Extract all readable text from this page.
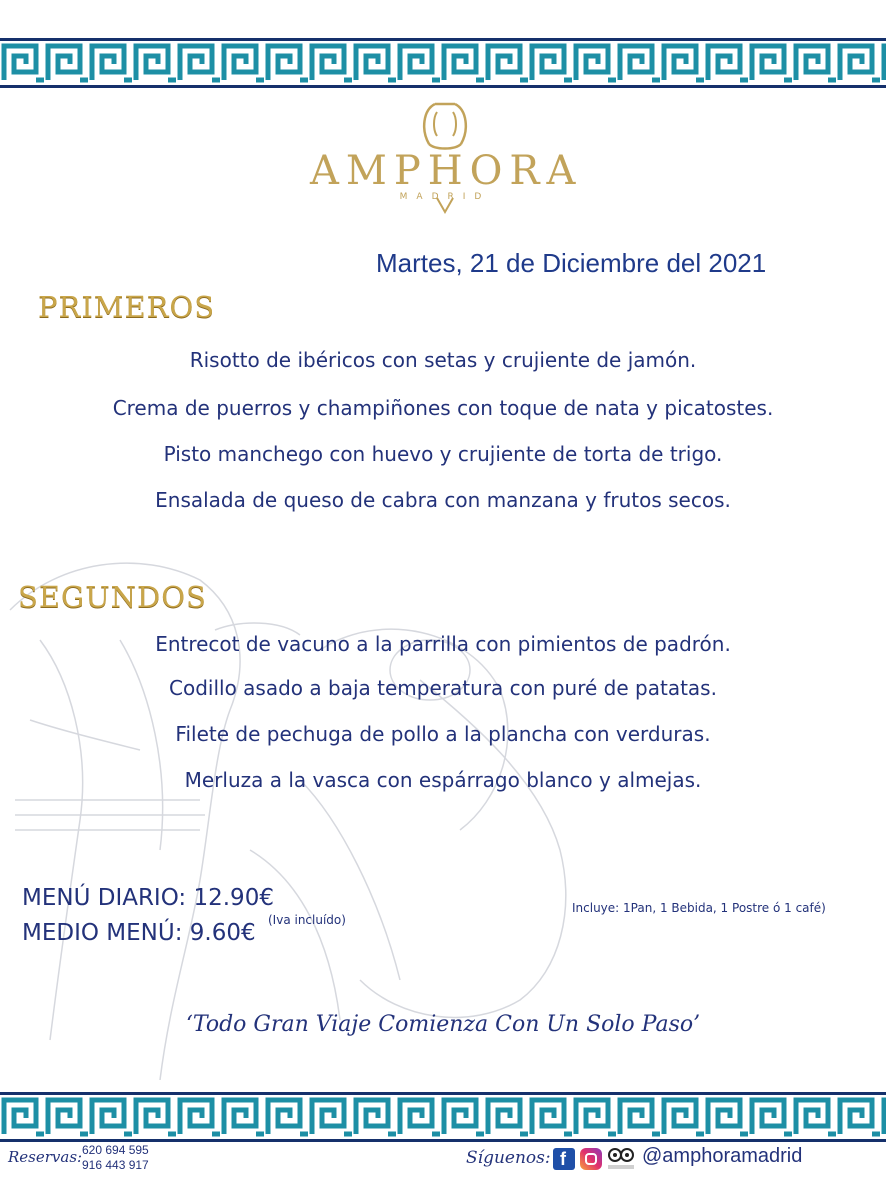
AMPHORA
MADRID
Martes, 21 de Diciembre del 2021
PRIMEROS
Risotto de ibéricos con setas y crujiente de jamón.
Crema de puerros y champiñones con toque de nata y picatostes.
Pisto manchego con huevo y crujiente de torta de trigo.
Ensalada de queso de cabra con manzana y frutos secos.
SEGUNDOS
Entrecot de vacuno a la parrilla con pimientos de padrón.
Codillo asado a baja temperatura con puré de patatas.
Filete de pechuga de pollo a la plancha con verduras.
Merluza a la vasca con espárrago blanco y almejas.
MENÚ DIARIO: 12.90€
MEDIO MENÚ: 9.60€ (Iva incluído)
Incluye: 1Pan, 1 Bebida, 1 Postre ó 1 café)
‘Todo Gran Viaje Comienza Con Un Solo Paso’
Reservas: 620 694 595
916 443 917	Síguenos: f	@amphoramadrid
